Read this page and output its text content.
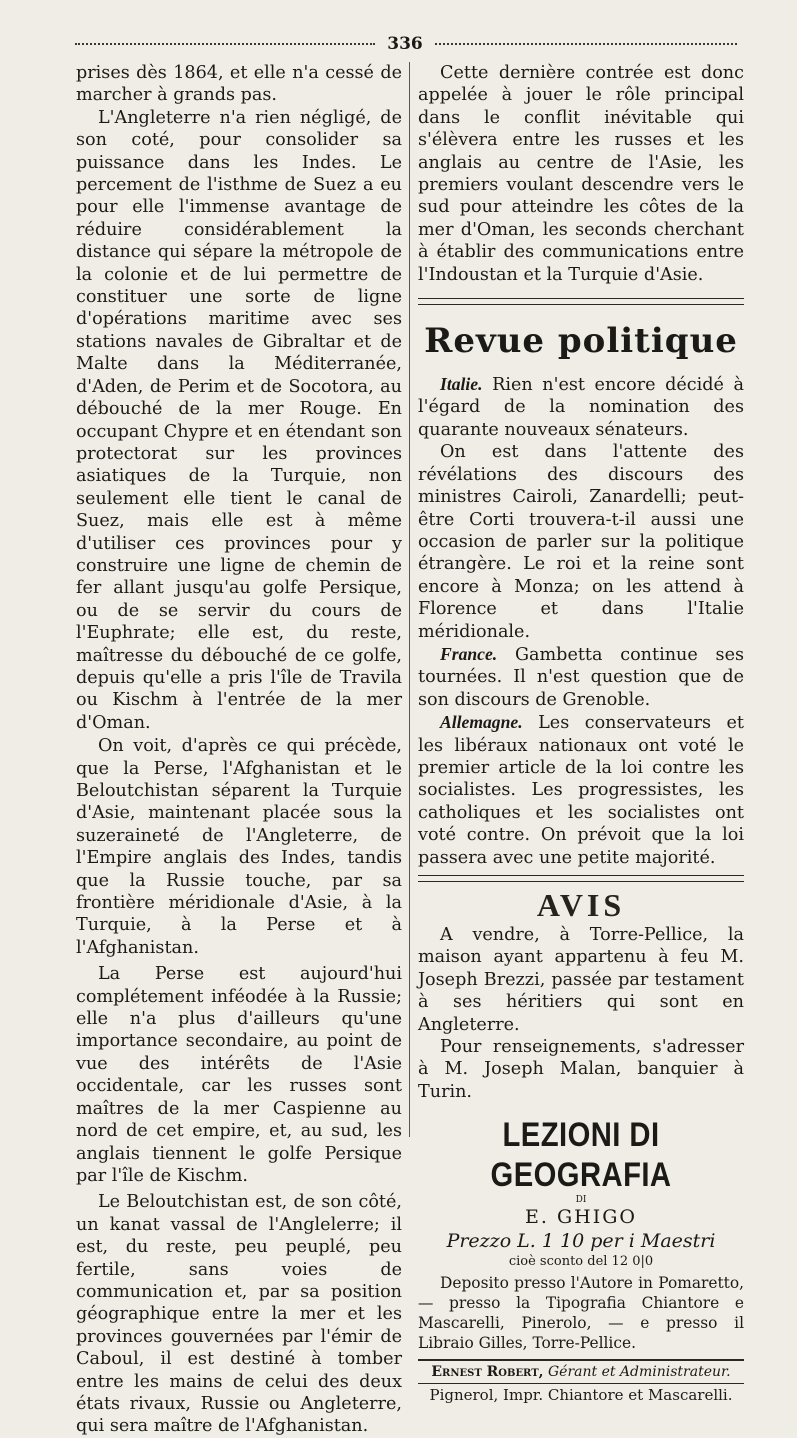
336

prises dès 1864, et elle n'a cessé de marcher à grands pas.

L'Angleterre n'a rien négligé, de son coté, pour consolider sa puissance dans les Indes. Le percement de l'isthme de Suez a eu pour elle l'immense avantage de réduire considérablement la distance qui sépare la métropole de la colonie et de lui permettre de constituer une sorte de ligne d'opérations maritime avec ses stations navales de Gibraltar et de Malte dans la Méditerranée, d'Aden, de Perim et de Socotora, au débouché de la mer Rouge. En occupant Chypre et en étendant son protectorat sur les provinces asiatiques de la Turquie, non seulement elle tient le canal de Suez, mais elle est à même d'utiliser ces provinces pour y construire une ligne de chemin de fer allant jusqu'au golfe Persique, ou de se servir du cours de l'Euphrate; elle est, du reste, maîtresse du débouché de ce golfe, depuis qu'elle a pris l'île de Travila ou Kischm à l'entrée de la mer d'Oman.

On voit, d'après ce qui précède, que la Perse, l'Afghanistan et le Beloutchistan séparent la Turquie d'Asie, maintenant placée sous la suzeraineté de l'Angleterre, de l'Empire anglais des Indes, tandis que la Russie touche, par sa frontière méridionale d'Asie, à la Turquie, à la Perse et à l'Afghanistan.

La Perse est aujourd'hui complétement inféodée à la Russie; elle n'a plus d'ailleurs qu'une importance secondaire, au point de vue des intérêts de l'Asie occidentale, car les russes sont maîtres de la mer Caspienne au nord de cet empire, et, au sud, les anglais tiennent le golfe Persique par l'île de Kischm.

Le Beloutchistan est, de son côté, un kanat vassal de l'Anglelerre; il est, du reste, peu peuplé, peu fertile, sans voies de communication et, par sa position géographique entre la mer et les provinces gouvernées par l'émir de Caboul, il est destiné à tomber entre les mains de celui des deux états rivaux, Russie ou Angleterre, qui sera maître de l'Afghanistan.

Cette dernière contrée est donc appelée à jouer le rôle principal dans le conflit inévitable qui s'élèvera entre les russes et les anglais au centre de l'Asie, les premiers voulant descendre vers le sud pour atteindre les côtes de la mer d'Oman, les seconds cherchant à établir des communications entre l'Indoustan et la Turquie d'Asie.

Revue politique

Italie. Rien n'est encore décidé à l'égard de la nomination des quarante nouveaux sénateurs.

On est dans l'attente des révélations des discours des ministres Cairoli, Zanardelli; peut-être Corti trouvera-t-il aussi une occasion de parler sur la politique étrangère. Le roi et la reine sont encore à Monza; on les attend à Florence et dans l'Italie méridionale.

France. Gambetta continue ses tournées. Il n'est question que de son discours de Grenoble.

Allemagne. Les conservateurs et les libéraux nationaux ont voté le premier article de la loi contre les socialistes. Les progressistes, les catholiques et les socialistes ont voté contre. On prévoit que la loi passera avec une petite majorité.

AVIS

A vendre, à Torre-Pellice, la maison ayant appartenu à feu M. Joseph Brezzi, passée par testament à ses héritiers qui sont en Angleterre.

Pour renseignements, s'adresser à M. Joseph Malan, banquier à Turin.

LEZIONI DI GEOGRAFIA
DI
E. GHIGO
Prezzo L. 1 10 per i Maestri
cioè sconto del 12 0|0

Deposito presso l'Autore in Pomaretto, — presso la Tipografia Chiantore e Mascarelli, Pinerolo, — e presso il Libraio Gilles, Torre-Pellice.

Ernest Robert, Gérant et Administrateur.
Pignerol, Impr. Chiantore et Mascarelli.
